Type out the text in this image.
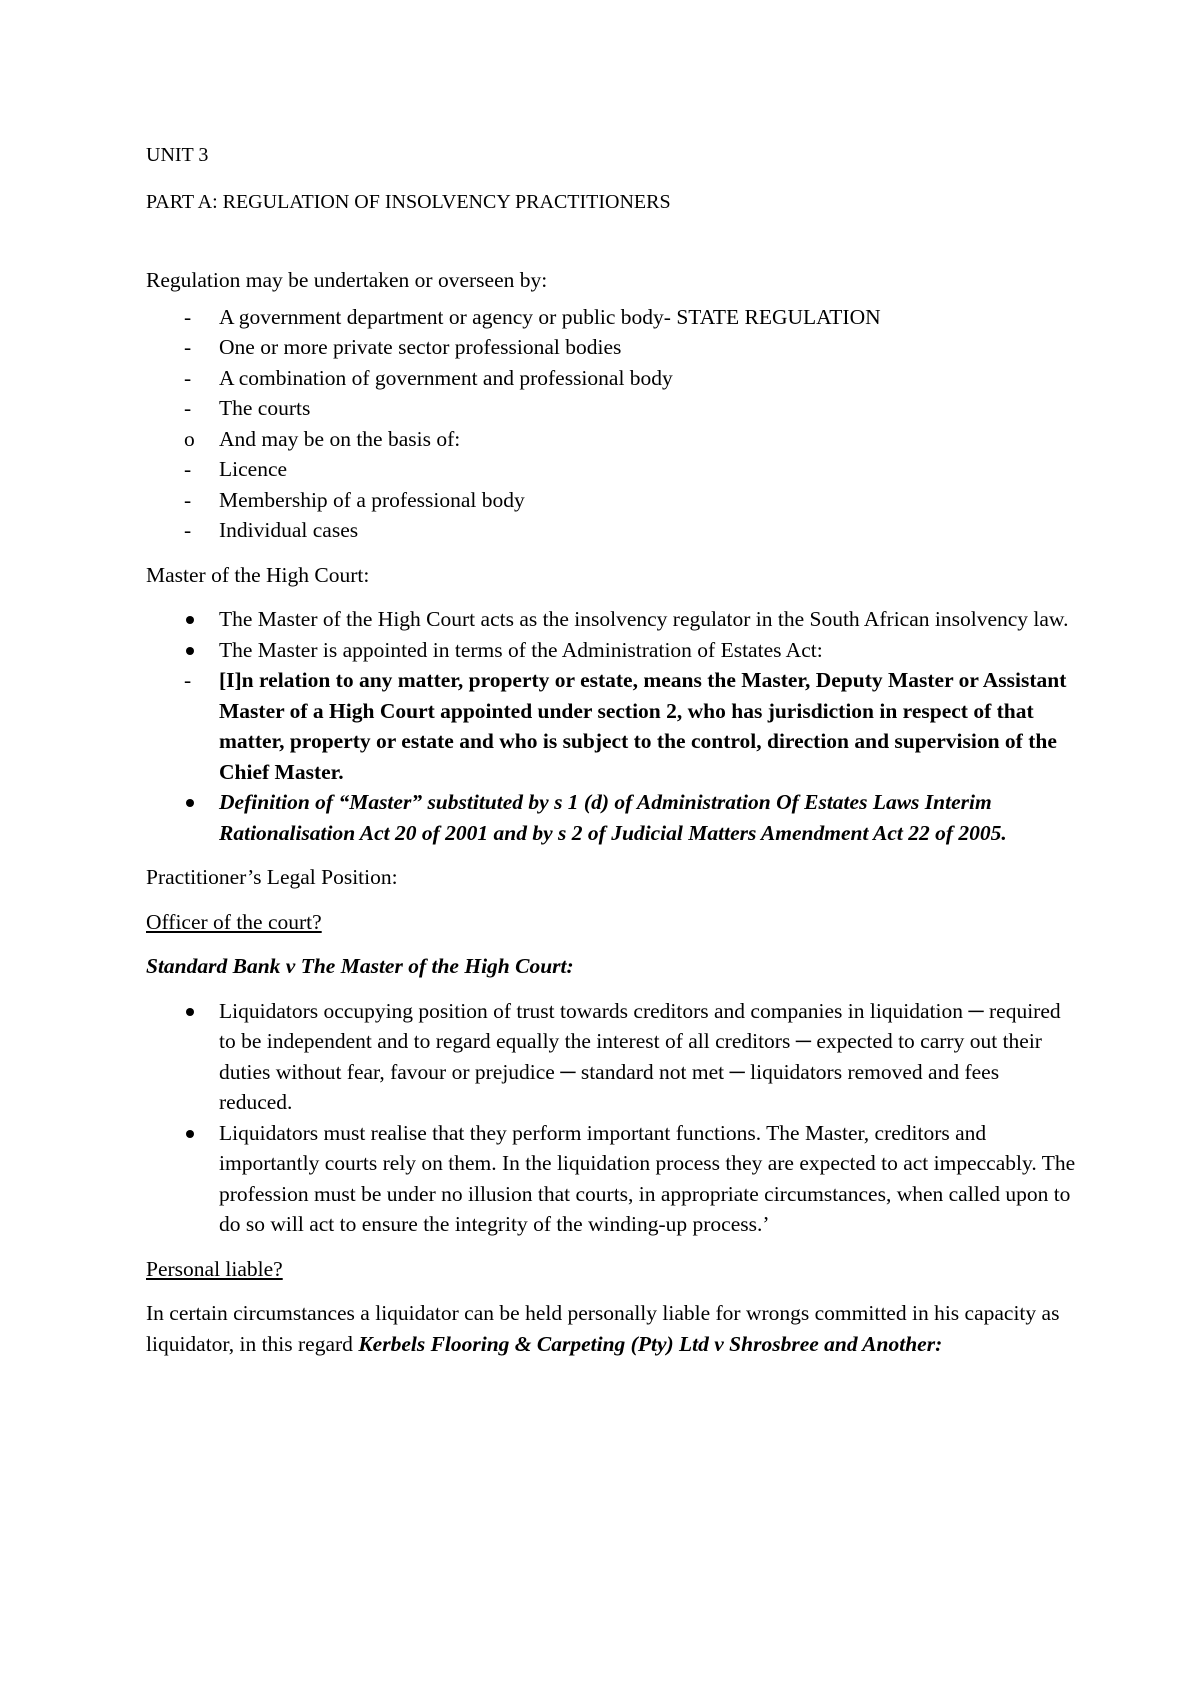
UNIT 3

PART A: REGULATION OF INSOLVENCY PRACTITIONERS

Regulation may be undertaken or overseen by:

-	A government department or agency or public body- STATE REGULATION
-	One or more private sector professional bodies
-	A combination of government and professional body
-	The courts
o	And may be on the basis of:
-	Licence
-	Membership of a professional body
-	Individual cases

Master of the High Court:

The Master of the High Court acts as the insolvency regulator in the South African insolvency law.
The Master is appointed in terms of the Administration of Estates Act:
-	[I]n relation to any matter, property or estate, means the Master, Deputy Master or Assistant Master of a High Court appointed under section 2, who has jurisdiction in respect of that matter, property or estate and who is subject to the control, direction and supervision of the Chief Master.
Definition of “Master” substituted by s 1 (d) of Administration Of Estates Laws Interim Rationalisation Act 20 of 2001 and by s 2 of Judicial Matters Amendment Act 22 of 2005.

Practitioner’s Legal Position:

Officer of the court?

Standard Bank v The Master of the High Court:

Liquidators occupying position of trust towards creditors and companies in liquidation ─ required to be independent and to regard equally the interest of all creditors ─ expected to carry out their duties without fear, favour or prejudice ─ standard not met ─ liquidators removed and fees reduced.
Liquidators must realise that they perform important functions. The Master, creditors and importantly courts rely on them. In the liquidation process they are expected to act impeccably. The profession must be under no illusion that courts, in appropriate circumstances, when called upon to do so will act to ensure the integrity of the winding-up process.’

Personal liable?

In certain circumstances a liquidator can be held personally liable for wrongs committed in his capacity as liquidator, in this regard Kerbels Flooring & Carpeting (Pty) Ltd v Shrosbree and Another:
